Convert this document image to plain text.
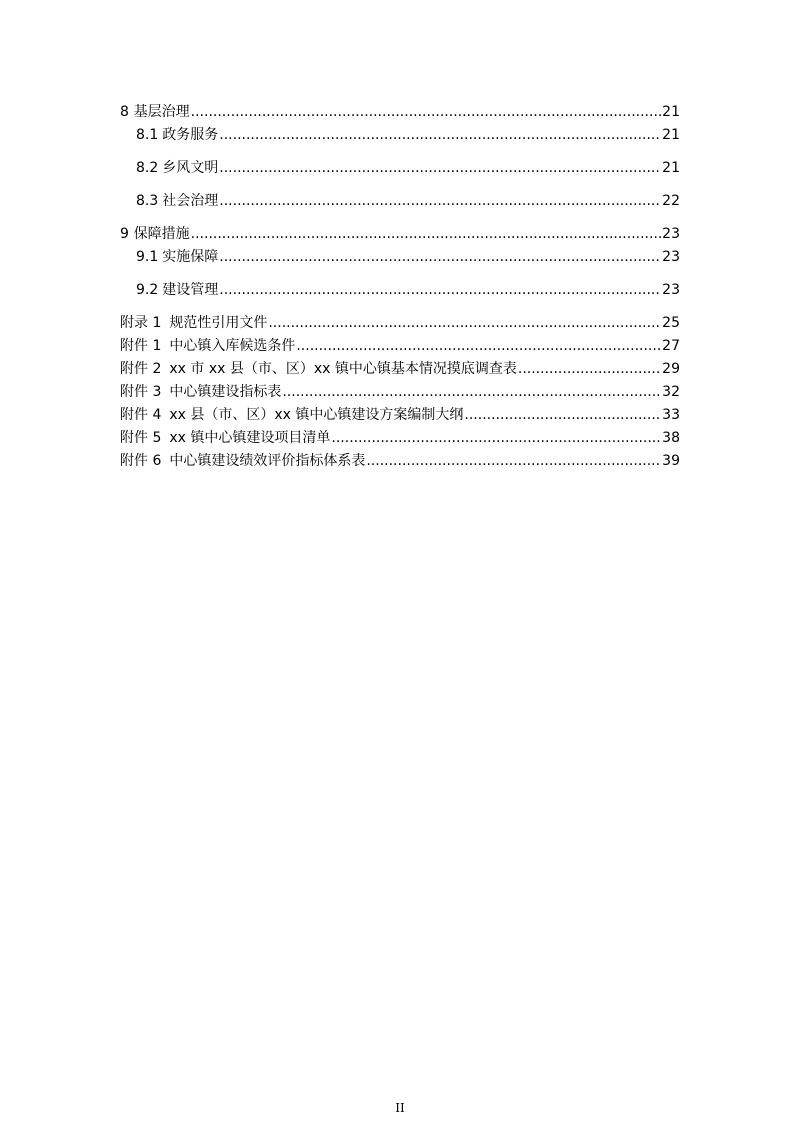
8 基层治理 .....	21
8.1 政务服务 .....	21
8.2 乡风文明 .....	21
8.3 社会治理 .....	22
9 保障措施 .....	23
9.1 实施保障 .....	23
9.2 建设管理 .....	23
附录 1 规范性引用文件 .....	25
附件 1 中心镇入库候选条件 .....	27
附件 2 xx 市 xx 县（市、区）xx 镇中心镇基本情况摸底调查表 .....	29
附件 3 中心镇建设指标表 .....	32
附件 4 xx 县（市、区）xx 镇中心镇建设方案编制大纲 .....	33
附件 5 xx 镇中心镇建设项目清单 .....	38
附件 6 中心镇建设绩效评价指标体系表 .....	39
II
